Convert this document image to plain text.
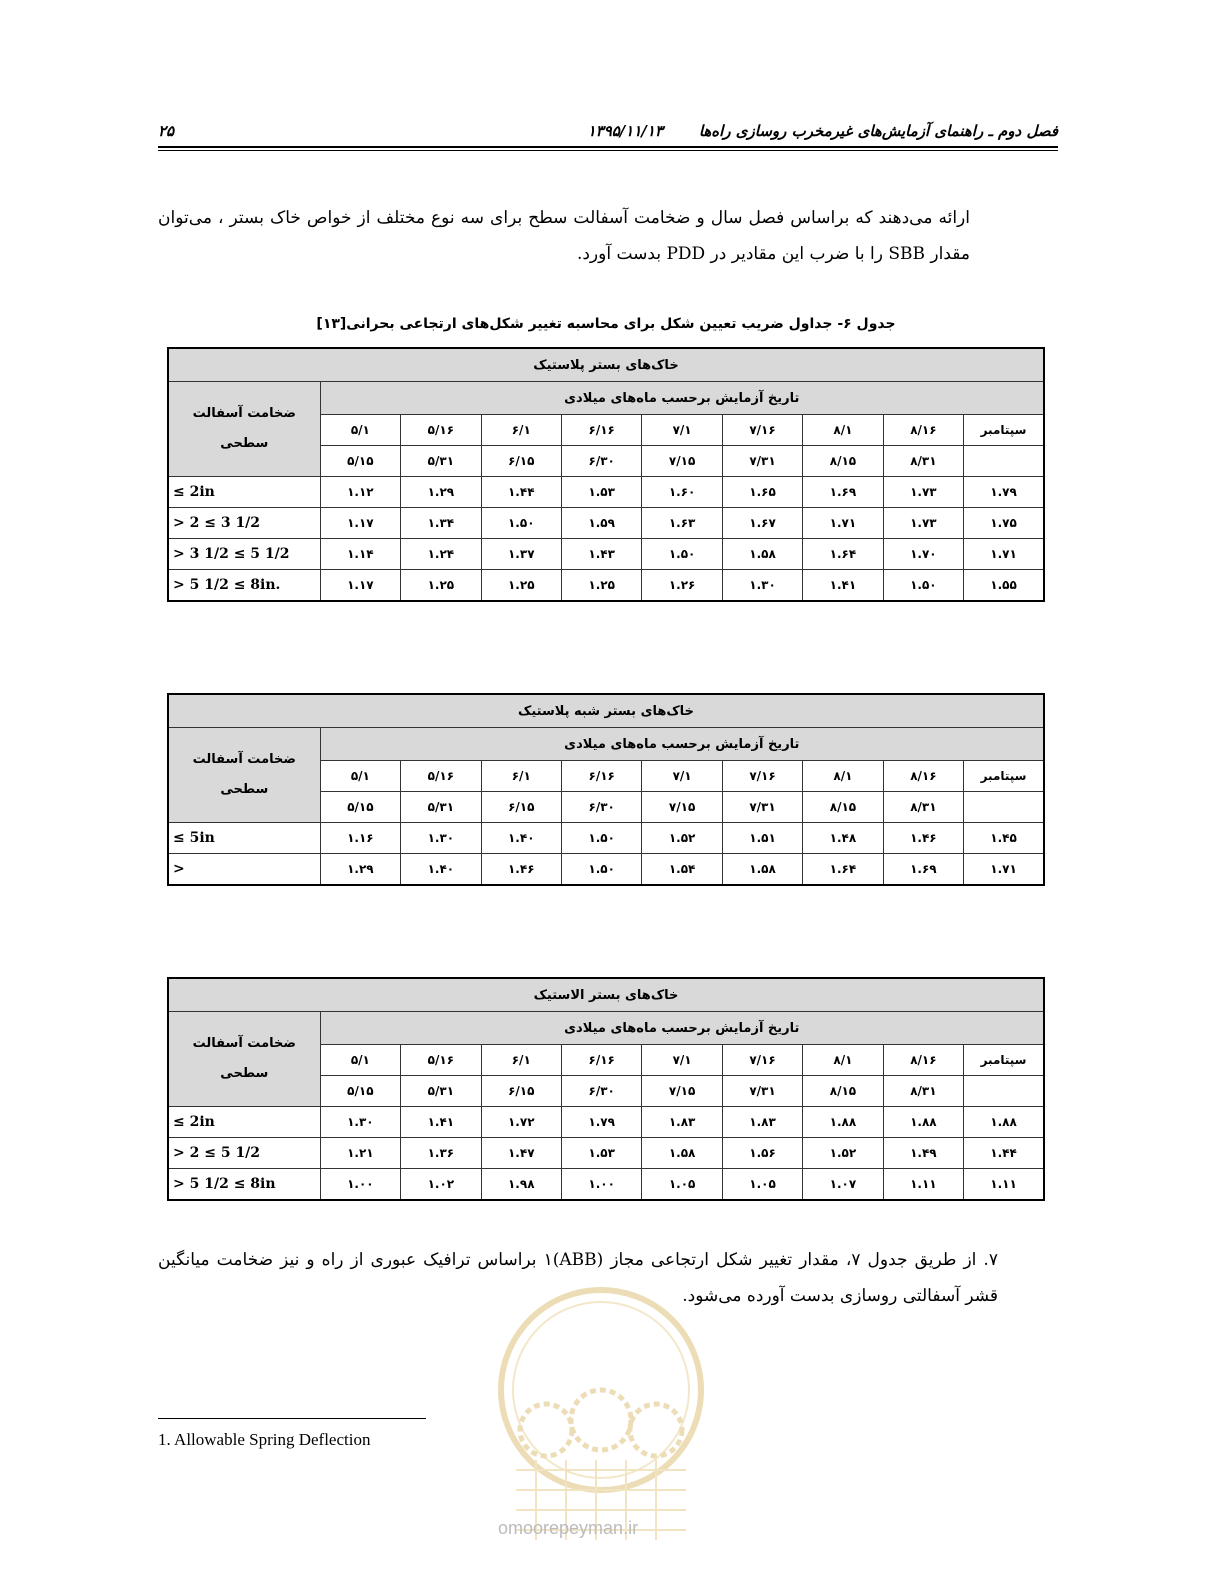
فصل دوم ـ راهنمای آزمایش‌های غیرمخرب روسازی راه‌ها
۱۳۹۵/۱۱/۱۳
۲۵
ارائه می‌دهند که براساس فصل سال و ضخامت آسفالت سطح برای سه نوع مختلف از خواص خاک بستر ، می‌توان مقدار SBB را با ضرب این مقادیر در PDD بدست آورد.
جدول ۶- جداول ضریب تعیین شکل برای محاسبه تغییر شکل‌های ارتجاعی بحرانی[۱۳]
خاک‌های بستر پلاستیک									
تاریخ آزمایش برحسب ماه‌های میلادی									ضخامت آسفالت سطحی
سپتامبر	۸/۱۶	۸/۱	۷/۱۶	۷/۱	۶/۱۶	۶/۱	۵/۱۶	۵/۱	
	۸/۳۱	۸/۱۵	۷/۳۱	۷/۱۵	۶/۳۰	۶/۱۵	۵/۳۱	۵/۱۵	
۱.۷۹	۱.۷۳	۱.۶۹	۱.۶۵	۱.۶۰	۱.۵۳	۱.۴۴	۱.۲۹	۱.۱۲	≤ 2in
۱.۷۵	۱.۷۳	۱.۷۱	۱.۶۷	۱.۶۳	۱.۵۹	۱.۵۰	۱.۳۴	۱.۱۷	> 2 ≤ 3 1/2
۱.۷۱	۱.۷۰	۱.۶۴	۱.۵۸	۱.۵۰	۱.۴۳	۱.۳۷	۱.۲۴	۱.۱۴	> 3 1/2 ≤ 5 1/2
۱.۵۵	۱.۵۰	۱.۴۱	۱.۳۰	۱.۲۶	۱.۲۵	۱.۲۵	۱.۲۵	۱.۱۷	> 5 1/2 ≤ 8in.
خاک‌های بستر شبه پلاستیک									
تاریخ آزمایش برحسب ماه‌های میلادی									ضخامت آسفالت سطحی
سپتامبر	۸/۱۶	۸/۱	۷/۱۶	۷/۱	۶/۱۶	۶/۱	۵/۱۶	۵/۱	
	۸/۳۱	۸/۱۵	۷/۳۱	۷/۱۵	۶/۳۰	۶/۱۵	۵/۳۱	۵/۱۵	
۱.۴۵	۱.۴۶	۱.۴۸	۱.۵۱	۱.۵۲	۱.۵۰	۱.۴۰	۱.۳۰	۱.۱۶	≤ 5in
۱.۷۱	۱.۶۹	۱.۶۴	۱.۵۸	۱.۵۴	۱.۵۰	۱.۴۶	۱.۴۰	۱.۲۹	>
خاک‌های بستر الاستیک									
تاریخ آزمایش برحسب ماه‌های میلادی									ضخامت آسفالت سطحی
سپتامبر	۸/۱۶	۸/۱	۷/۱۶	۷/۱	۶/۱۶	۶/۱	۵/۱۶	۵/۱	
	۸/۳۱	۸/۱۵	۷/۳۱	۷/۱۵	۶/۳۰	۶/۱۵	۵/۳۱	۵/۱۵	
۱.۸۸	۱.۸۸	۱.۸۸	۱.۸۳	۱.۸۳	۱.۷۹	۱.۷۲	۱.۴۱	۱.۳۰	≤ 2in
۱.۴۴	۱.۴۹	۱.۵۲	۱.۵۶	۱.۵۸	۱.۵۳	۱.۴۷	۱.۳۶	۱.۲۱	> 2 ≤ 5 1/2
۱.۱۱	۱.۱۱	۱.۰۷	۱.۰۵	۱.۰۵	۱.۰۰	۱.۹۸	۱.۰۲	۱.۰۰	> 5 1/2 ≤ 8in
۷. از طریق جدول ۷، مقدار تغییر شکل ارتجاعی مجاز (ABB)۱ براساس ترافیک عبوری از راه و نیز ضخامت میانگین قشر آسفالتی روسازی بدست آورده می‌شود.
1. Allowable Spring Deflection
omoorepeyman.ir
